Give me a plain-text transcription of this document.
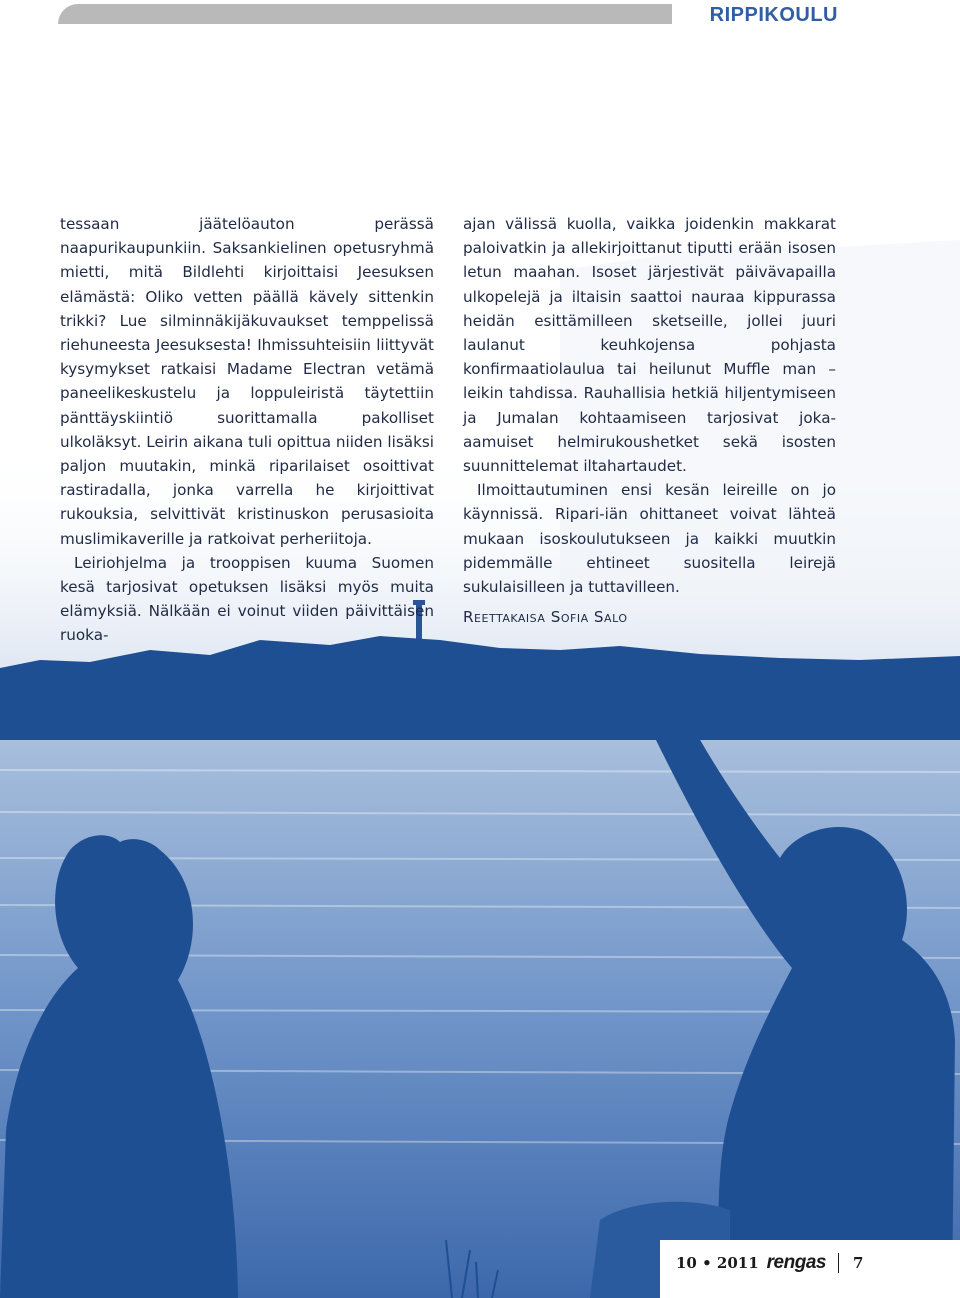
RIPPIKOULU

tessaan jäätelöauton perässä naapurikaupunkiin. Saksankielinen opetusryhmä mietti, mitä Bildlehti kirjoittaisi Jeesuksen elämästä: Oliko vetten päällä kävely sittenkin trikki? Lue silminnäkijäkuvaukset temppelissä riehuneesta Jeesuksesta! Ihmissuhteisiin liittyvät kysymykset ratkaisi Madame Electran vetämä paneelikeskustelu ja loppuleiristä täytettiin pänttäyskiintiö suorittamalla pakolliset ulkoläksyt. Leirin aikana tuli opittua niiden lisäksi paljon muutakin, minkä riparilaiset osoittivat rastiradalla, jonka varrella he kirjoittivat rukouksia, selvittivät kristinuskon perusasioita muslimikaverille ja ratkoivat perheriitoja.

Leiriohjelma ja trooppisen kuuma Suomen kesä tarjosivat opetuksen lisäksi myös muita elämyksiä. Nälkään ei voinut viiden päivittäisen ruoka-

ajan välissä kuolla, vaikka joidenkin makkarat paloivatkin ja allekirjoittanut tiputti erään isosen letun maahan. Isoset järjestivät päivävapailla ulkopelejä ja iltaisin saattoi nauraa kippurassa heidän esittämilleen sketseille, jollei juuri laulanut keuhkojensa pohjasta konfirmaatiolaulua tai heilunut Muffle man –leikin tahdissa. Rauhallisia hetkiä hiljentymiseen ja Jumalan kohtaamiseen tarjosivat joka-aamuiset helmirukoushetket sekä isosten suunnittelemat iltahartaudet.

Ilmoittautuminen ensi kesän leireille on jo käynnissä. Ripari-iän ohittaneet voivat lähteä mukaan isoskoulutukseen ja kaikki muutkin pidemmälle ehtineet suositella leirejä sukulaisilleen ja tuttavilleen.

Reettakaisa Sofia Salo

10 • 2011 rengas 7
